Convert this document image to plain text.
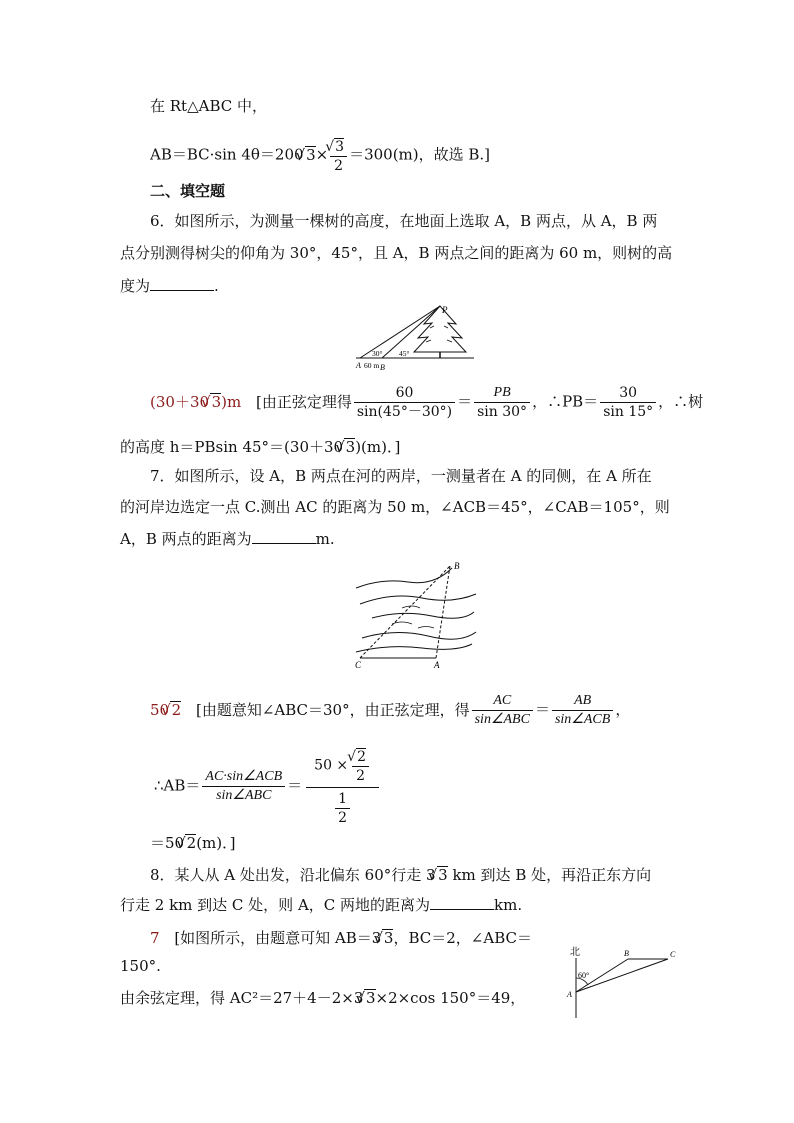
在 Rt△ABC 中，
AB＝BC·sin 4θ＝200√ 3×
√ $\frac{3}{2} =300(m)$，故选 B.]
二、填空题
6．如图所示，为测量一棵树的高度，在地面上选取 A，B 两点，从 A，B 两
点分别测得树尖的仰角为 30°，45°，且 A，B 两点之间的距离为 60 m，则树的高
度为	.
P
A B
30° 45°
60 m
(30＋30√ 3)m [由正弦定理得 $\frac{60}{\sin(45^\circ-30^\circ)} = \frac{PB}{\sin 30^\circ}$ ，∴PB＝ $\frac{30}{\sin 15^\circ}$ ，∴树
的高度 h＝PBsin 45°＝(30＋30√ 3)(m)．]
7．如图所示，设 A，B 两点在河的两岸，一测量者在 A 的同侧，在 A 所在
的河岸边选定一点 C.测出 AC 的距离为 50 m，∠ACB＝45°，∠CAB＝105°，则
A，B 两点的距离为	m.
B
C	A
50√ 2 [由题意知∠ABC＝30°，由正弦定理，得 $\frac{AC}{\text{sin∠ABC}} = \frac{AB}{\text{sin∠ACB}}$ ，
∴AB＝ $\frac{\text{AC·sin∠ACB}}{\text{sin∠ABC}} = 50$ ×
√ $\frac{2}{2}$
$\frac{1}{2}$
＝50√ 2(m)．]
8．某人从 A 处出发，沿北偏东 60°行走 3√ 3 km 到达 B 处，再沿正东方向
行走 2 km 到达 C 处，则 A，C 两地的距离为	km.
7 [如图所示，由题意可知 AB＝3√ 3，BC＝2，∠ABC＝
150°.
由余弦定理，得 AC²＝27＋4－2×3√ 3×2×cos 150°＝49，
北
60°
A
B	C
